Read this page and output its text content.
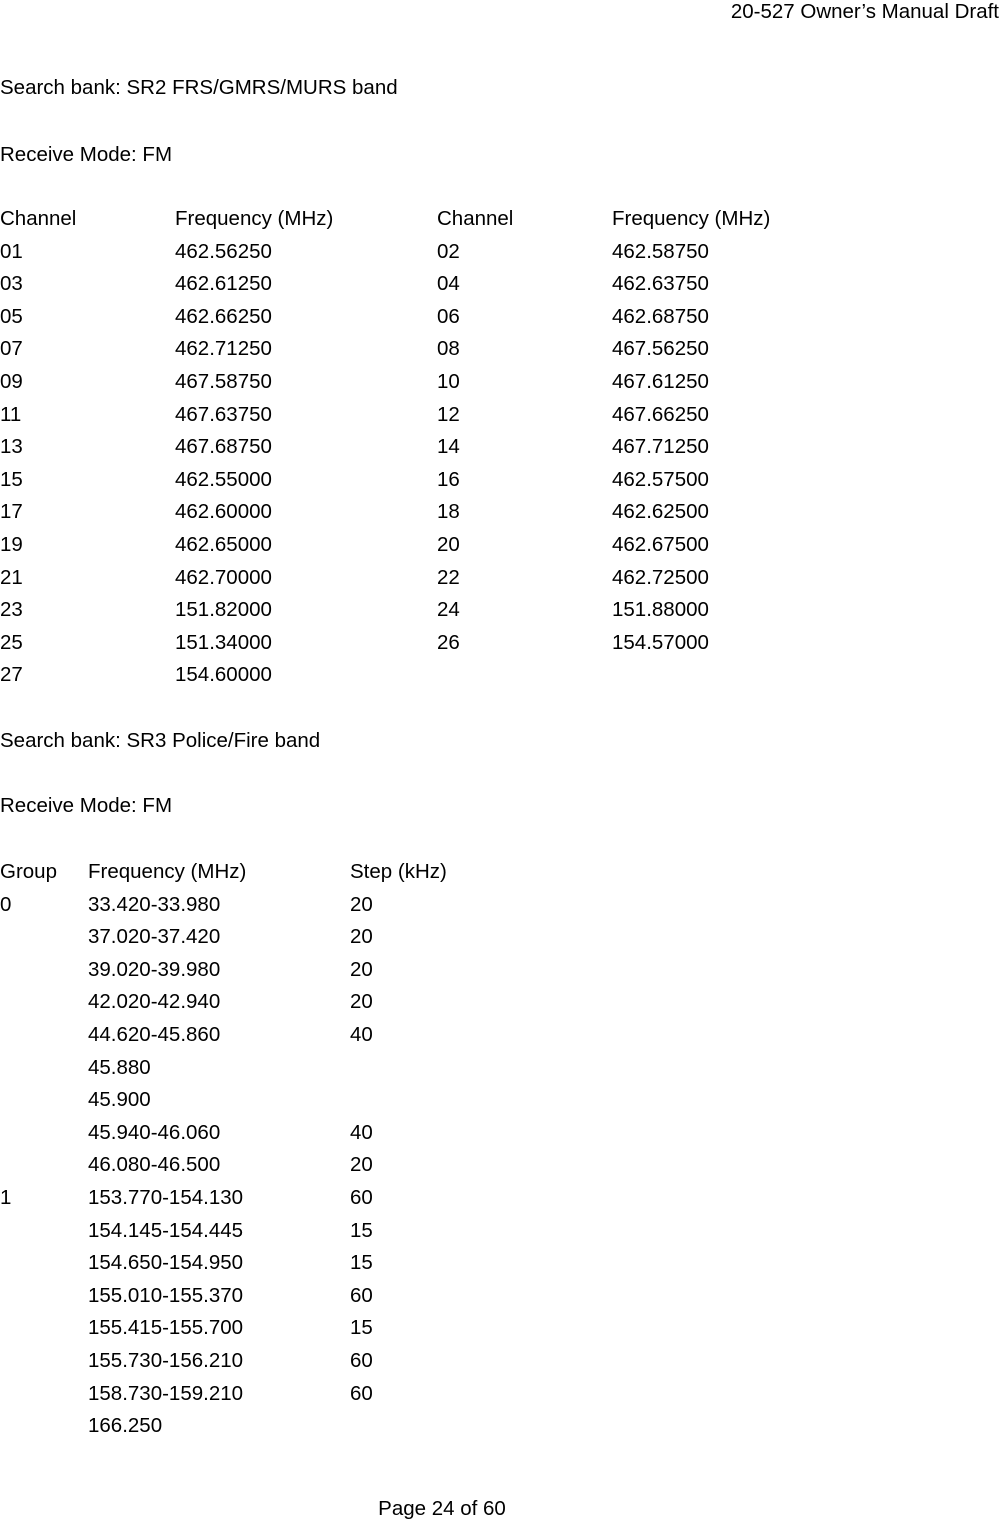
20-527 Owner’s Manual Draft
Search bank: SR2 FRS/GMRS/MURS band
Receive Mode: FM
Channel	Frequency (MHz)	Channel	Frequency (MHz)
01	462.56250	02	462.58750
03	462.61250	04	462.63750
05	462.66250	06	462.68750
07	462.71250	08	467.56250
09	467.58750	10	467.61250
11	467.63750	12	467.66250
13	467.68750	14	467.71250
15	462.55000	16	462.57500
17	462.60000	18	462.62500
19	462.65000	20	462.67500
21	462.70000	22	462.72500
23	151.82000	24	151.88000
25	151.34000	26	154.57000
27	154.60000
Search bank: SR3 Police/Fire band
Receive Mode: FM
Group Frequency (MHz)	Step (kHz)
0	33.420-33.980	20
37.020-37.420	20
39.020-39.980	20
42.020-42.940	20
44.620-45.860	40
45.880
45.900
45.940-46.060	40
46.080-46.500	20
1	153.770-154.130	60
154.145-154.445	15
154.650-154.950	15
155.010-155.370	60
155.415-155.700	15
155.730-156.210	60
158.730-159.210	60
166.250
Page 24 of 60
